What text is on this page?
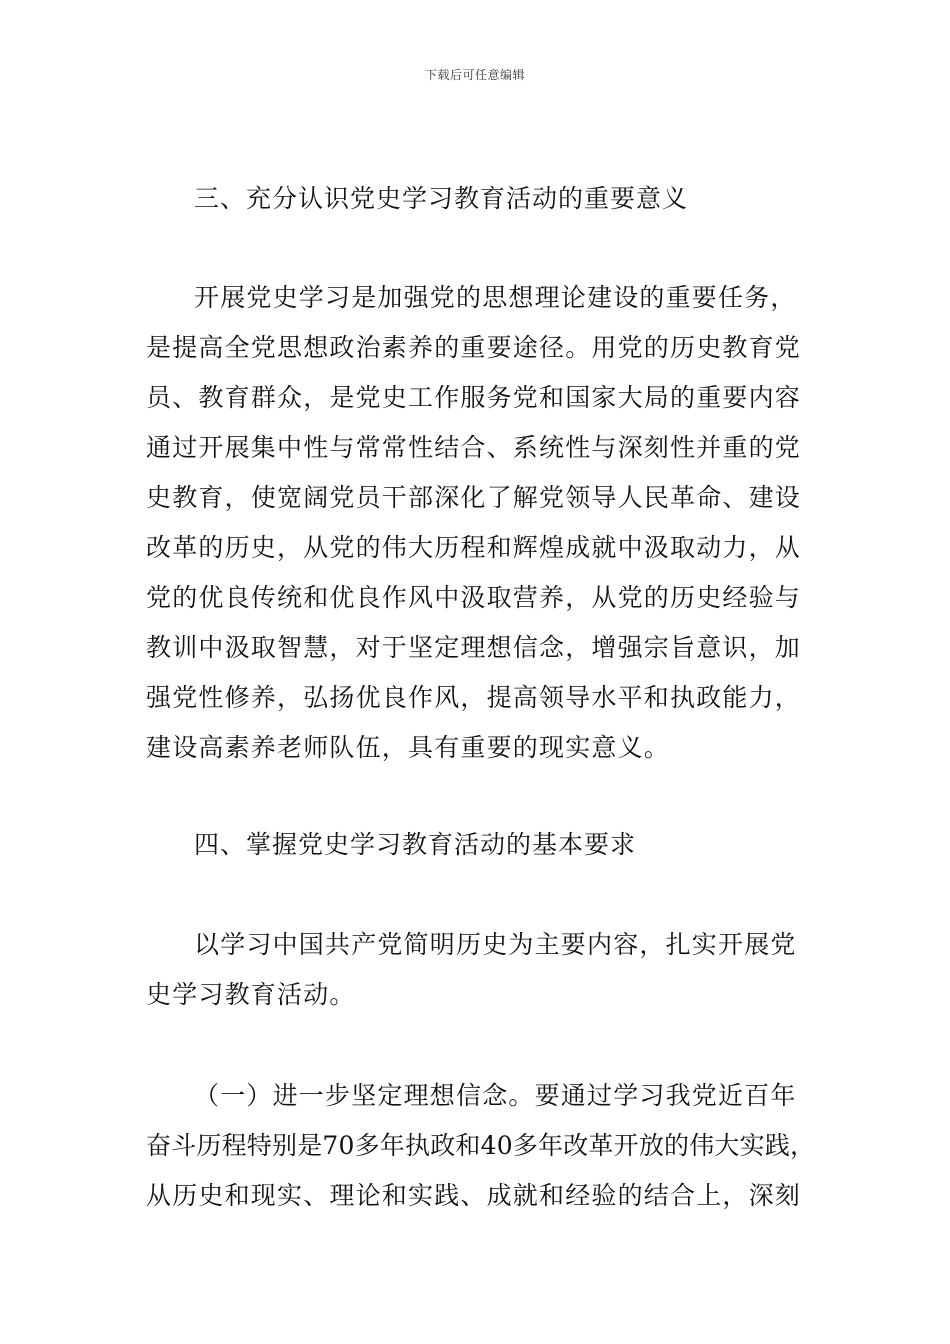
下载后可任意编辑
三、充分认识党史学习教育活动的重要意义
开展党史学习是加强党的思想理论建设的重要任务，
是提高全党思想政治素养的重要途径。用党的历史教育党
员、教育群众，是党史工作服务党和国家大局的重要内容
通过开展集中性与常常性结合、系统性与深刻性并重的党
史教育，使宽阔党员干部深化了解党领导人民革命、建设
改革的历史，从党的伟大历程和辉煌成就中汲取动力，从
党的优良传统和优良作风中汲取营养，从党的历史经验与
教训中汲取智慧，对于坚定理想信念，增强宗旨意识，加
强党性修养，弘扬优良作风，提高领导水平和执政能力，
建设高素养老师队伍，具有重要的现实意义。
四、掌握党史学习教育活动的基本要求
以学习中国共产党简明历史为主要内容，扎实开展党
史学习教育活动。
（一）进一步坚定理想信念。要通过学习我党近百年
奋斗历程特别是70多年执政和40多年改革开放的伟大实践，
从历史和现实、理论和实践、成就和经验的结合上，深刻
